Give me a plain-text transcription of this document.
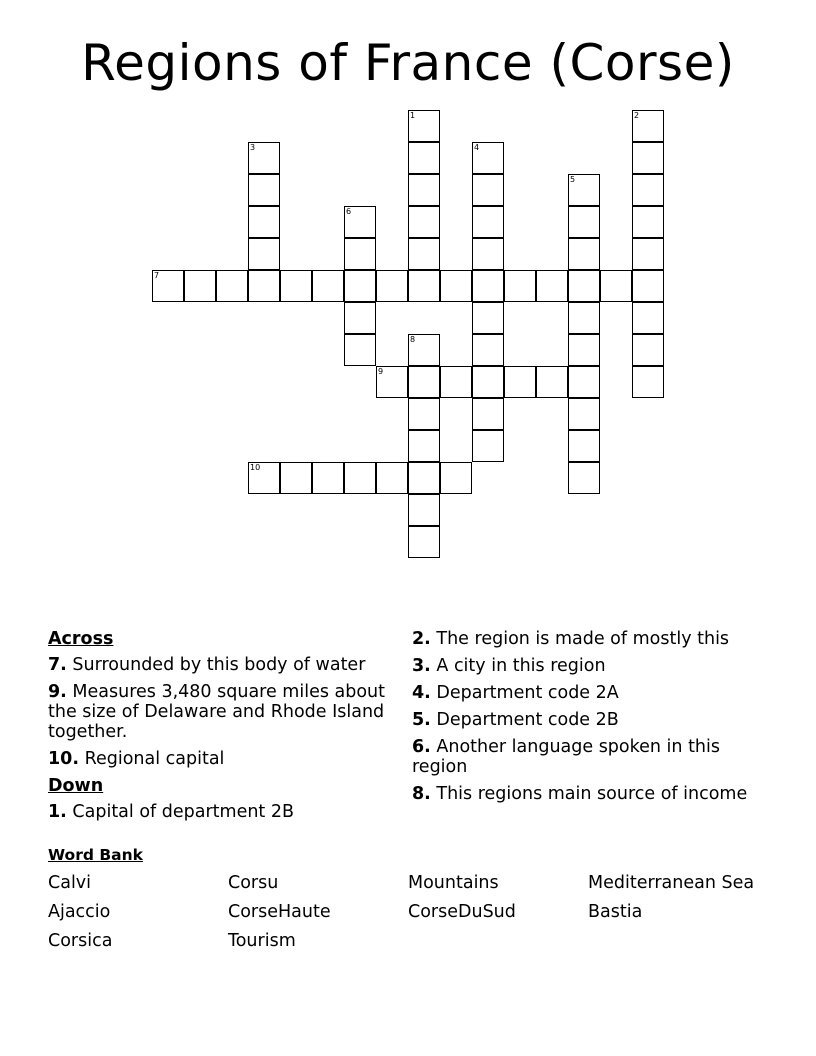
Regions of France (Corse)
1	2
3	4
5
6
7
8
9
10
Across
7. Surrounded by this body of water
9. Measures 3,480 square miles about the size of Delaware and Rhode Island together.
10. Regional capital
Down
1. Capital of department 2B
2. The region is made of mostly this
3. A city in this region
4. Department code 2A
5. Department code 2B
6. Another language spoken in this region
8. This regions main source of income
Word Bank
Calvi	Corsu	Mountains	Mediterranean Sea
Ajaccio	CorseHaute	CorseDuSud	Bastia
Corsica	Tourism
